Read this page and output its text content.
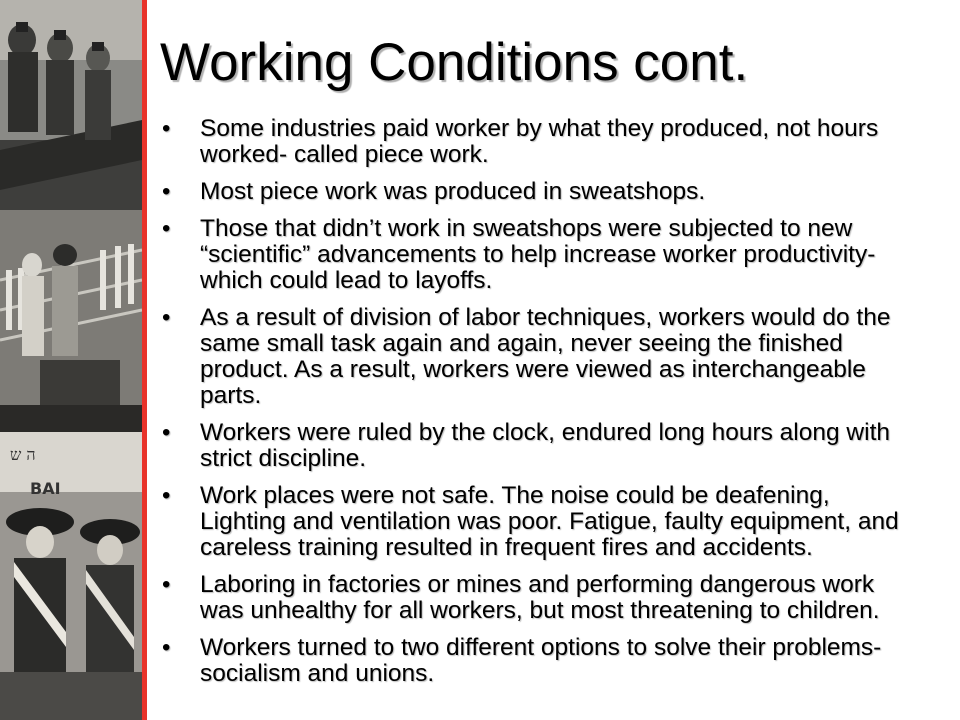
ה ש
BAI
Working Conditions cont.
• Some industries paid worker by what they produced, not hours worked- called piece work.
• Most piece work was produced in sweatshops.
• Those that didn’t work in sweatshops were subjected to new “scientific” advancements to help increase worker productivity- which could lead to layoffs.
• As a result of division of labor techniques, workers would do the same small task again and again, never seeing the finished product. As a result, workers were viewed as interchangeable parts.
• Workers were ruled by the clock, endured long hours along with strict discipline.
• Work places were not safe. The noise could be deafening, Lighting and ventilation was poor. Fatigue, faulty equipment, and careless training resulted in frequent fires and accidents.
• Laboring in factories or mines and performing dangerous work was unhealthy for all workers, but most threatening to children.
• Workers turned to two different options to solve their problems- socialism and unions.
